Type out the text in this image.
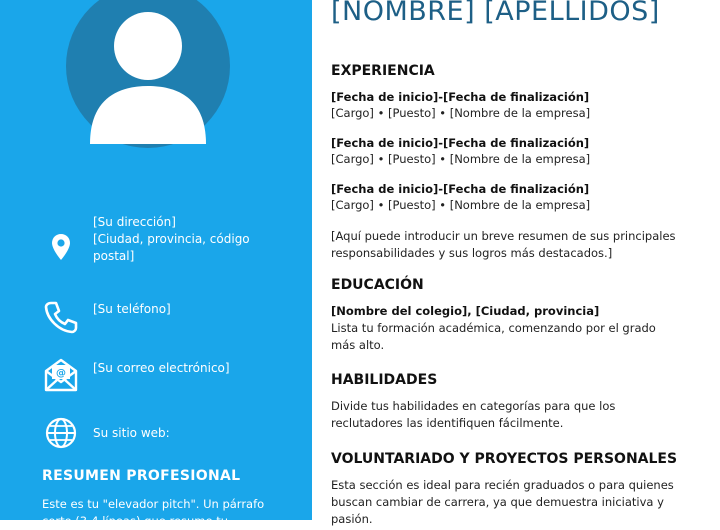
[Su dirección]
[Ciudad, provincia, código postal]
[Su teléfono]
@ [Su correo electrónico]
Su sitio web:
RESUMEN PROFESIONAL
Este es tu "elevador pitch". Un párrafo corto (3-4 líneas) que resume tu
[NOMBRE] [APELLIDOS]
EXPERIENCIA
[Fecha de inicio]-[Fecha de finalización]
[Cargo] • [Puesto] • [Nombre de la empresa]
[Fecha de inicio]-[Fecha de finalización]
[Cargo] • [Puesto] • [Nombre de la empresa]
[Fecha de inicio]-[Fecha de finalización]
[Cargo] • [Puesto] • [Nombre de la empresa]
[Aquí puede introducir un breve resumen de sus principales responsabilidades y sus logros más destacados.]
EDUCACIÓN
[Nombre del colegio], [Ciudad, provincia]
Lista tu formación académica, comenzando por el grado más alto.
HABILIDADES
Divide tus habilidades en categorías para que los reclutadores las identifiquen fácilmente.
VOLUNTARIADO Y PROYECTOS PERSONALES
Esta sección es ideal para recién graduados o para quienes buscan cambiar de carrera, ya que demuestra iniciativa y pasión.
